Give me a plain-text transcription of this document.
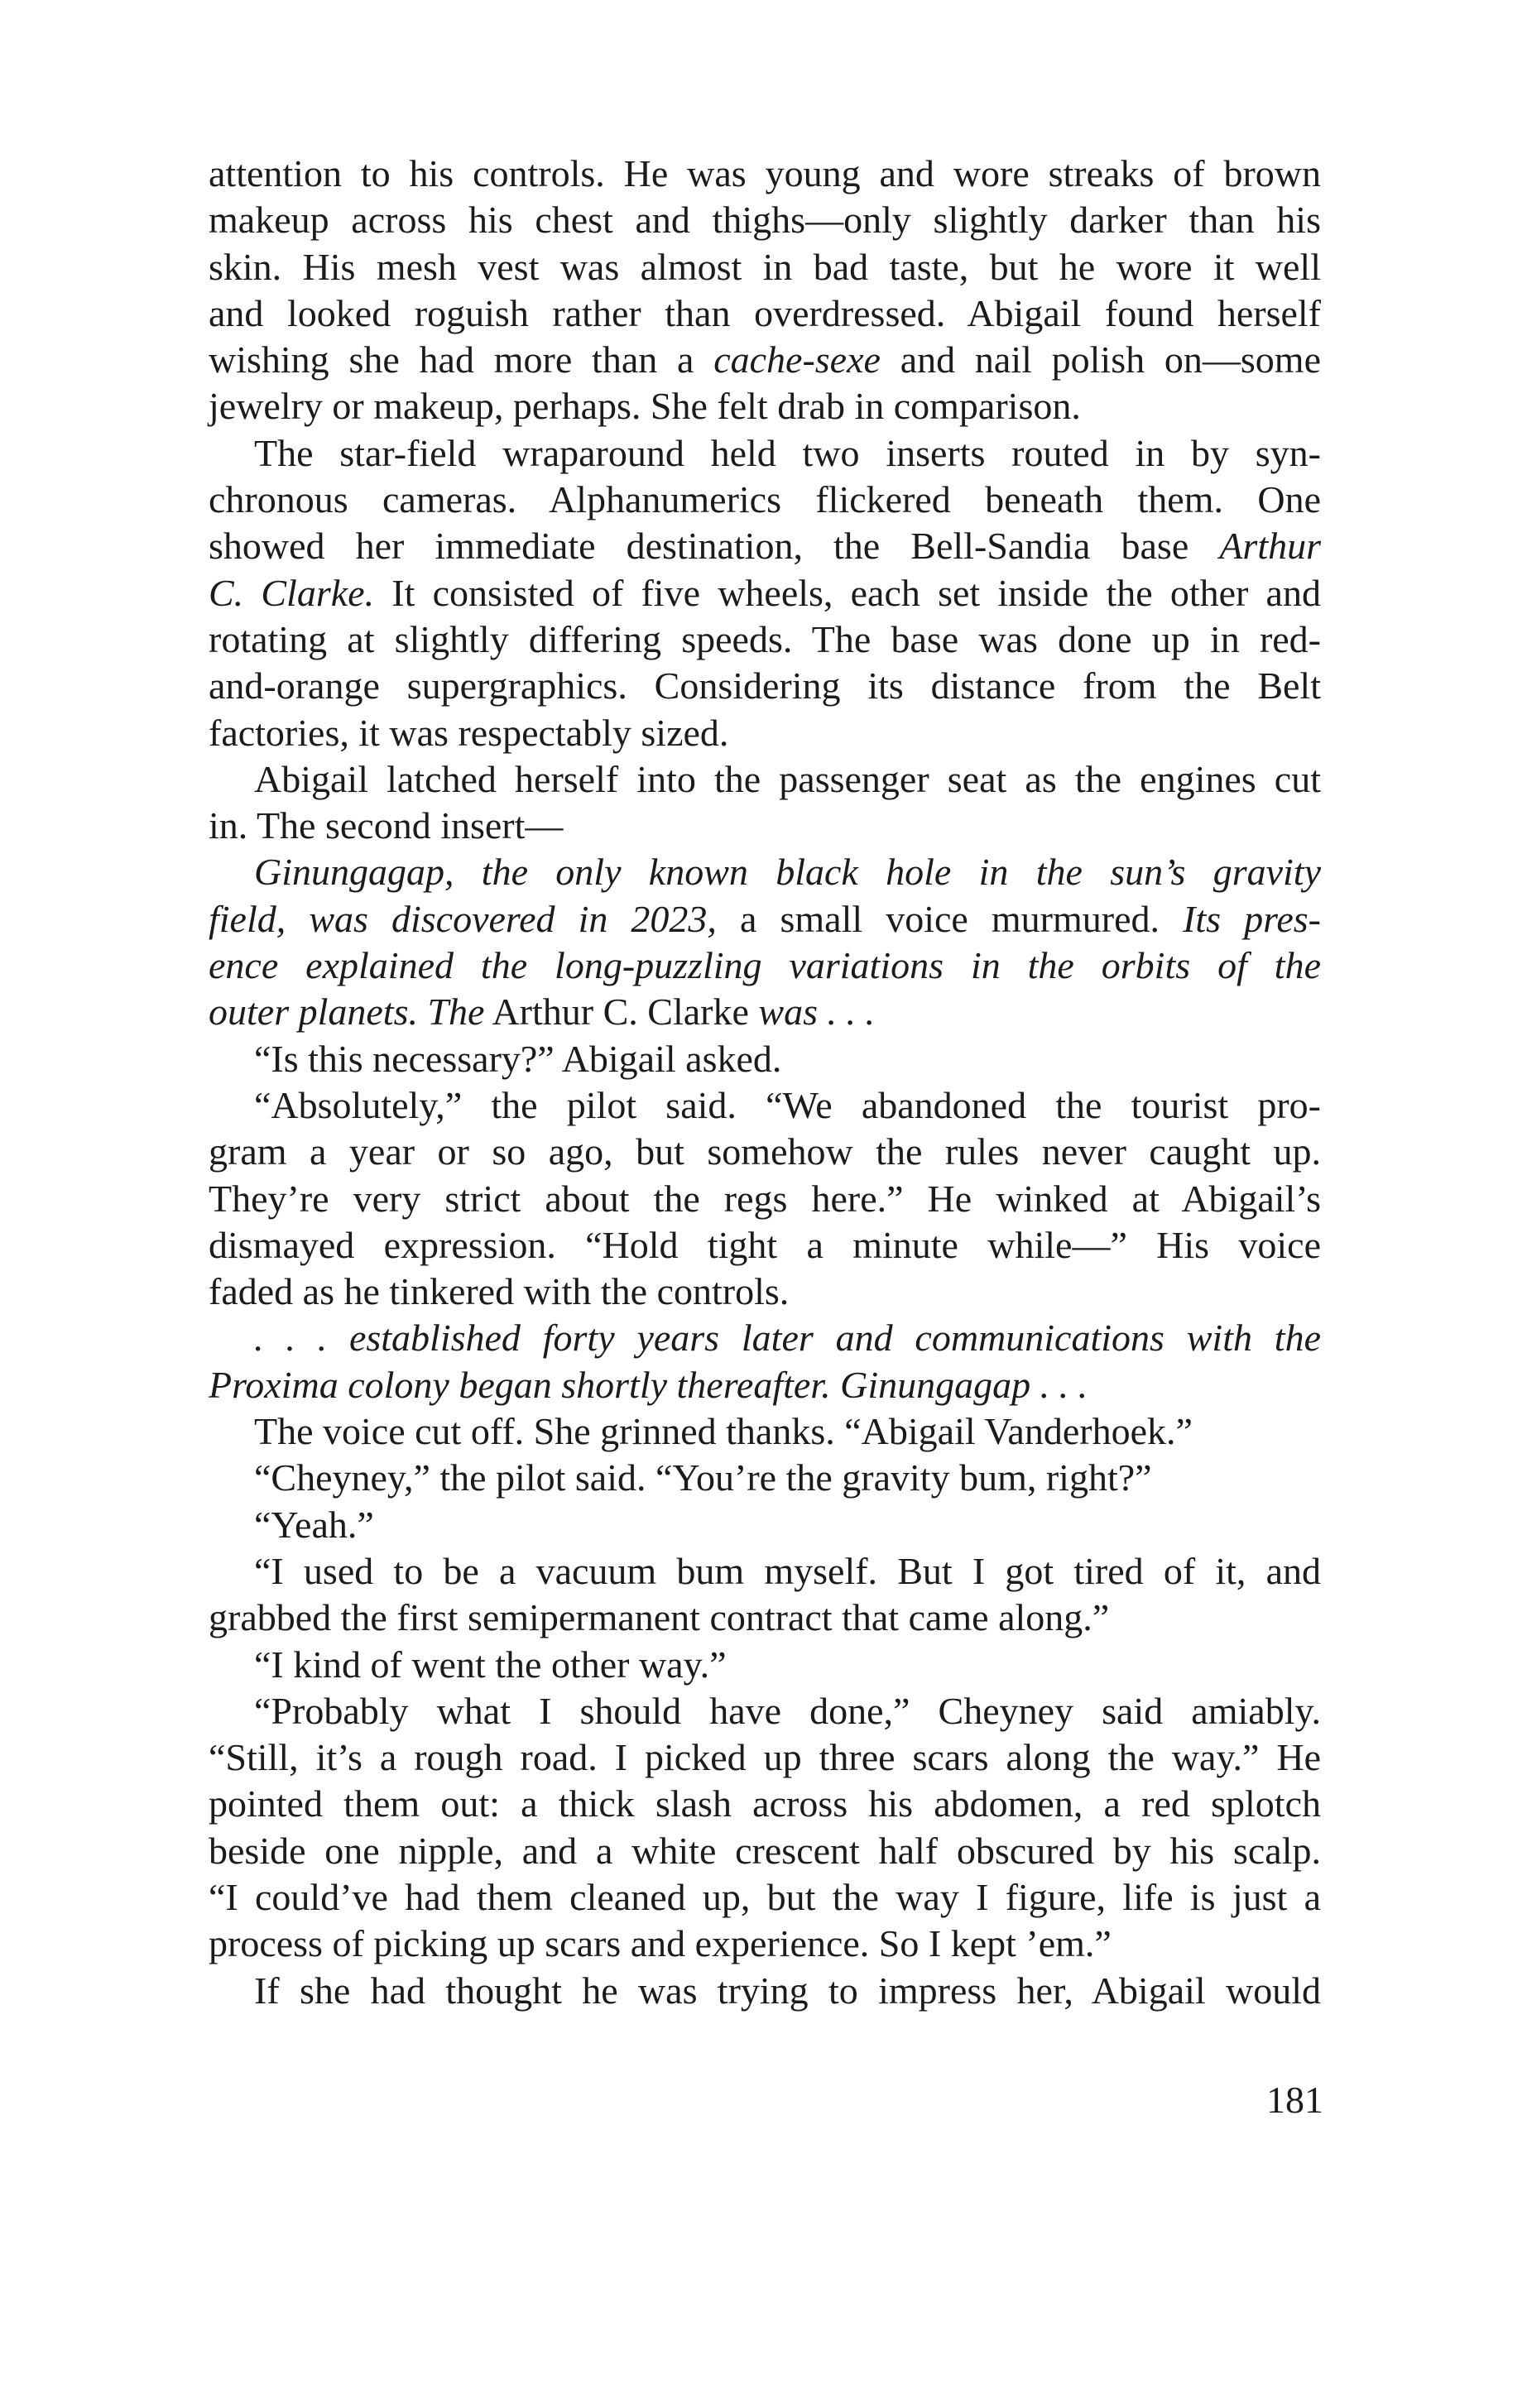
attention to his controls. He was young and wore streaks of brown
makeup across his chest and thighs—only slightly darker than his
skin. His mesh vest was almost in bad taste, but he wore it well
and looked roguish rather than overdressed. Abigail found herself
wishing she had more than a cache-sexe and nail polish on—some
jewelry or makeup, perhaps. She felt drab in comparison.
The star-field wraparound held two inserts routed in by syn-
chronous cameras. Alphanumerics flickered beneath them. One
showed her immediate destination, the Bell-Sandia base Arthur
C. Clarke. It consisted of five wheels, each set inside the other and
rotating at slightly differing speeds. The base was done up in red-
and-orange supergraphics. Considering its distance from the Belt
factories, it was respectably sized.
Abigail latched herself into the passenger seat as the engines cut
in. The second insert—
Ginungagap, the only known black hole in the sun’s gravity
field, was discovered in 2023, a small voice murmured. Its pres-
ence explained the long-puzzling variations in the orbits of the
outer planets. The Arthur C. Clarke was . . .
“Is this necessary?” Abigail asked.
“Absolutely,” the pilot said. “We abandoned the tourist pro-
gram a year or so ago, but somehow the rules never caught up.
They’re very strict about the regs here.” He winked at Abigail’s
dismayed expression. “Hold tight a minute while—” His voice
faded as he tinkered with the controls.
. . . established forty years later and communications with the
Proxima colony began shortly thereafter. Ginungagap . . .
The voice cut off. She grinned thanks. “Abigail Vanderhoek.”
“Cheyney,” the pilot said. “You’re the gravity bum, right?”
“Yeah.”
“I used to be a vacuum bum myself. But I got tired of it, and
grabbed the first semipermanent contract that came along.”
“I kind of went the other way.”
“Probably what I should have done,” Cheyney said amiably.
“Still, it’s a rough road. I picked up three scars along the way.” He
pointed them out: a thick slash across his abdomen, a red splotch
beside one nipple, and a white crescent half obscured by his scalp.
“I could’ve had them cleaned up, but the way I figure, life is just a
process of picking up scars and experience. So I kept ’em.”
If she had thought he was trying to impress her, Abigail would
181
